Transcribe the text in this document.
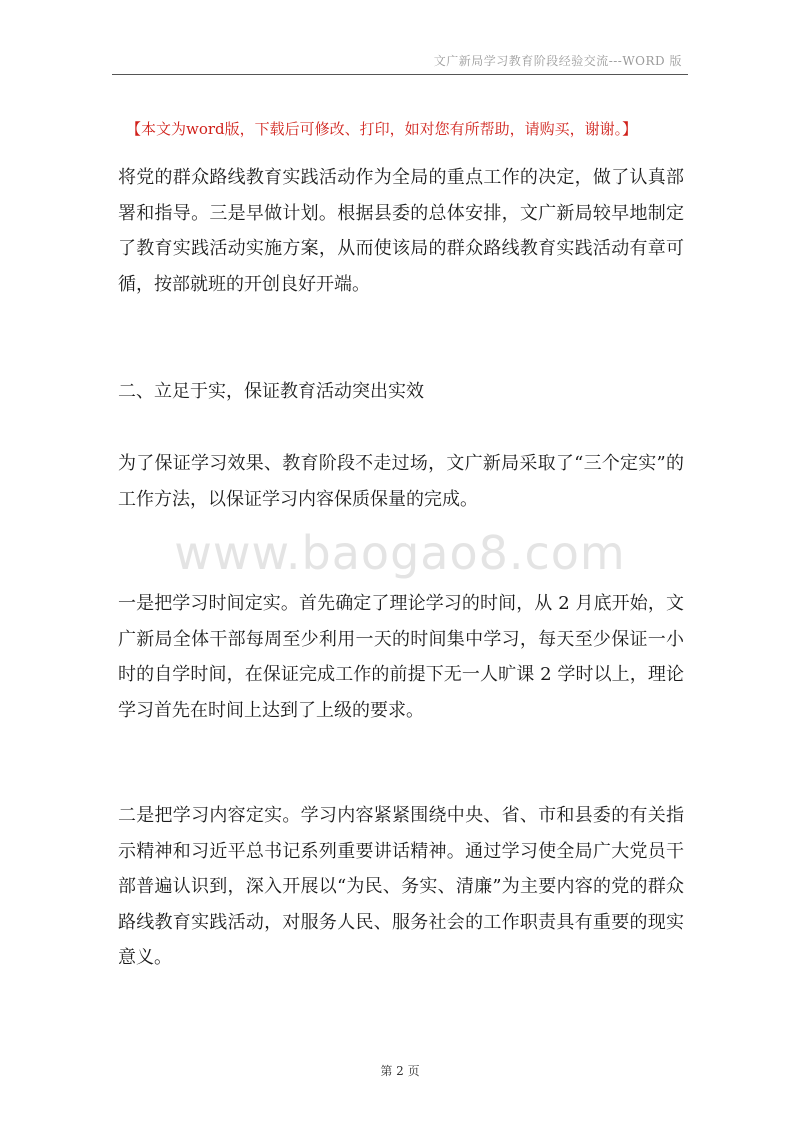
文广新局学习教育阶段经验交流---WORD 版
【本文为word版，下载后可修改、打印，如对您有所帮助，请购买，谢谢。】

将党的群众路线教育实践活动作为全局的重点工作的决定，做了认真部署和指导。三是早做计划。根据县委的总体安排，文广新局较早地制定了教育实践活动实施方案，从而使该局的群众路线教育实践活动有章可循，按部就班的开创良好开端。

二、立足于实，保证教育活动突出实效

为了保证学习效果、教育阶段不走过场，文广新局采取了“三个定实”的工作方法，以保证学习内容保质保量的完成。

www.baogao8.com

一是把学习时间定实。首先确定了理论学习的时间，从 2 月底开始，文广新局全体干部每周至少利用一天的时间集中学习，每天至少保证一小时的自学时间，在保证完成工作的前提下无一人旷课 2 学时以上，理论学习首先在时间上达到了上级的要求。

二是把学习内容定实。学习内容紧紧围绕中央、省、市和县委的有关指示精神和习近平总书记系列重要讲话精神。通过学习使全局广大党员干部普遍认识到，深入开展以“为民、务实、清廉”为主要内容的党的群众路线教育实践活动，对服务人民、服务社会的工作职责具有重要的现实意义。

第 2 页
